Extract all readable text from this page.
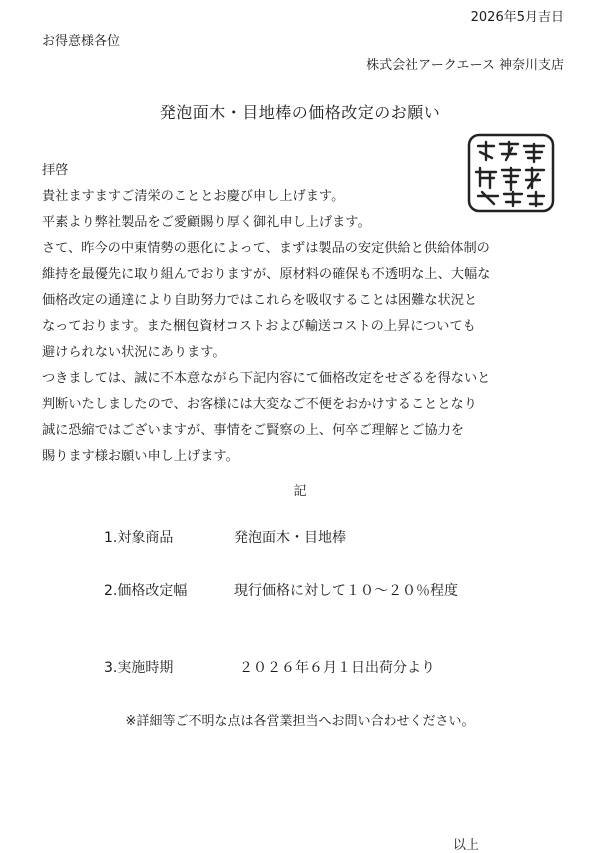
2026年5月吉日
お得意様各位
株式会社アークエース 神奈川支店
発泡面木・目地棒の価格改定のお願い
拝啓
貴社ますますご清栄のこととお慶び申し上げます。
平素より弊社製品をご愛顧賜り厚く御礼申し上げます。
さて、昨今の中東情勢の悪化によって、まずは製品の安定供給と供給体制の
維持を最優先に取り組んでおりますが、原材料の確保も不透明な上、大幅な
価格改定の通達により自助努力ではこれらを吸収することは困難な状況と
なっております。また梱包資材コストおよび輸送コストの上昇についても
避けられない状況にあります。
つきましては、誠に不本意ながら下記内容にて価格改定をせざるを得ないと
判断いたしましたので、お客様には大変なご不便をおかけすることとなり
誠に恐縮ではございますが、事情をご賢察の上、何卒ご理解とご協力を
賜ります様お願い申し上げます。
記
1.対象商品	発泡面木・目地棒
2.価格改定幅	現行価格に対して１０～２０％程度
3.実施時期	２０２６年６月１日出荷分より
※詳細等ご不明な点は各営業担当へお問い合わせください。
以上
